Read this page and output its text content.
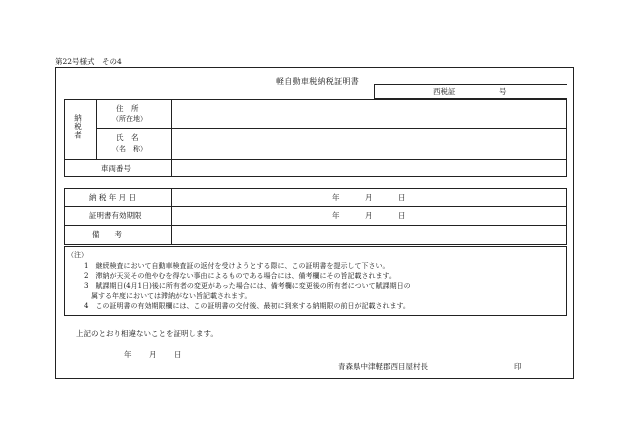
第22号様式　その4
軽自動車税納税証明書
西税証	号
納税者
住　所
（所在地）
氏　名
（名　称）
車両番号
納 税 年 月 日	年	月	日
証明書有効期限	年	月	日
備　　考
（注）
1　継続検査において自動車検査証の返付を受けようとする際に、この証明書を提示して下さい。
2　滞納が天災その他やむを得ない事由によるものである場合には、備考欄にその旨記載されます。
3　賦課期日(4月1日)後に所有者の変更があった場合には、備考欄に変更後の所有者について賦課期日の
　属する年度においては滞納がない旨記載されます。
4　この証明書の有効期限欄には、この証明書の交付後、最初に到来する納期限の前日が記載されます。
上記のとおり相違ないことを証明します。
年 月 日
青森県中津軽郡西目屋村長	印
